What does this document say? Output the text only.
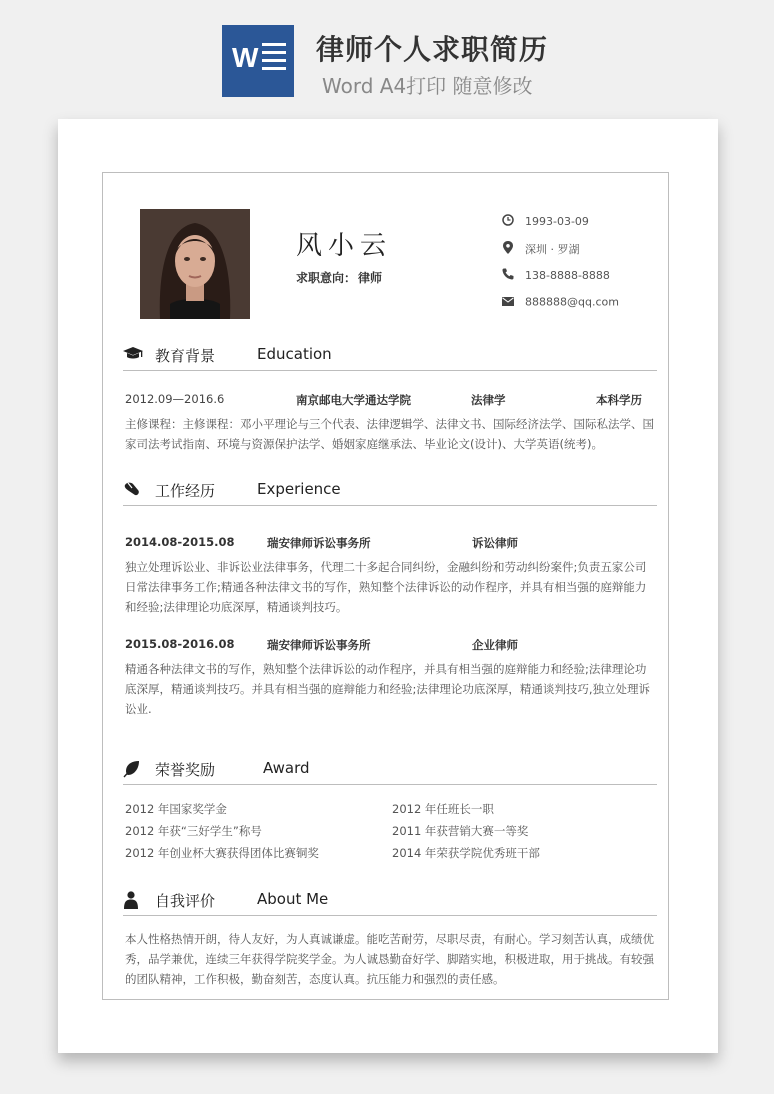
W 律师个人求职简历
Word A4打印 随意修改
风小云
求职意向： 律师
1993-03-09
深圳 · 罗湖
138-8888-8888
888888@qq.com
教育背景	Education
2012.09—2016.6	南京邮电大学通达学院	法律学	本科学历
主修课程：主修课程：邓小平理论与三个代表、法律逻辑学、法律文书、国际经济法学、国际私法学、国家司法考试指南、环境与资源保护法学、婚姻家庭继承法、毕业论文(设计)、大学英语(统考)。
工作经历	Experience
2014.08-2015.08	瑞安律师诉讼事务所	诉讼律师
独立处理诉讼业、非诉讼业法律事务，代理二十多起合同纠纷，金融纠纷和劳动纠纷案件;负责五家公司日常法律事务工作;精通各种法律文书的写作，熟知整个法律诉讼的动作程序，并具有相当强的庭辩能力和经验;法律理论功底深厚，精通谈判技巧。
2015.08-2016.08	瑞安律师诉讼事务所	企业律师
精通各种法律文书的写作，熟知整个法律诉讼的动作程序，并具有相当强的庭辩能力和经验;法律理论功底深厚，精通谈判技巧。并具有相当强的庭辩能力和经验;法律理论功底深厚，精通谈判技巧,独立处理诉讼业.
荣誉奖励	Award
2012 年国家奖学金	2012 年任班长一职
2012 年获“三好学生”称号	2011 年获营销大赛一等奖
2012 年创业杯大赛获得团体比赛铜奖	2014 年荣获学院优秀班干部
自我评价	About Me
本人性格热情开朗，待人友好，为人真诚谦虚。能吃苦耐劳，尽职尽责，有耐心。学习刻苦认真，成绩优秀，品学兼优，连续三年获得学院奖学金。为人诚恳勤奋好学、脚踏实地，积极进取，用于挑战。有较强的团队精神，工作积极，勤奋刻苦，态度认真。抗压能力和强烈的责任感。
